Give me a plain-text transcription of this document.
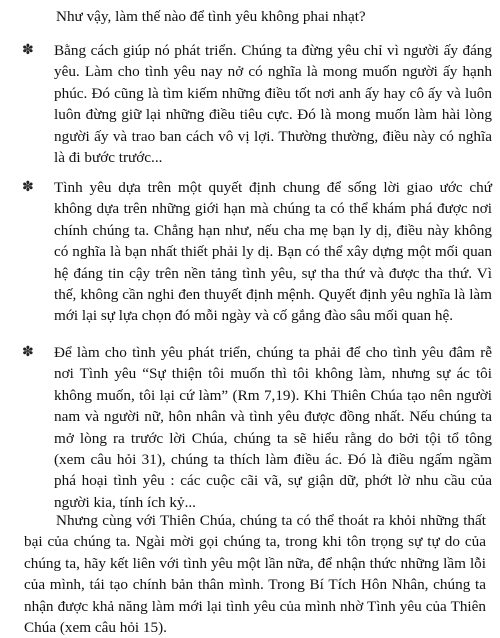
Như vậy, làm thế nào để tình yêu không phai nhạt?

✽	Bằng cách giúp nó phát triển. Chúng ta đừng yêu chỉ vì người ấy đáng yêu. Làm cho tình yêu nay nở có nghĩa là mong muốn người ấy hạnh phúc. Đó cũng là tìm kiếm những điều tốt nơi anh ấy hay cô ấy và luôn luôn đừng giữ lại những điều tiêu cực. Đó là mong muốn làm hài lòng người ấy và trao ban cách vô vị lợi. Thường thường, điều này có nghĩa là đi bước trước...

✽	Tình yêu dựa trên một quyết định chung để sống lời giao ước chứ không dựa trên những giới hạn mà chúng ta có thể khám phá được nơi chính chúng ta. Chẳng hạn như, nếu cha mẹ bạn ly dị, điều này không có nghĩa là bạn nhất thiết phải ly dị. Bạn có thể xây dựng một mối quan hệ đáng tin cậy trên nền tảng tình yêu, sự tha thứ và được tha thứ. Vì thế, không cần nghi đen thuyết định mệnh. Quyết định yêu nghĩa là làm mới lại sự lựa chọn đó mỗi ngày và cố gắng đào sâu mối quan hệ.

✽	Để làm cho tình yêu phát triển, chúng ta phải để cho tình yêu đâm rễ nơi Tình yêu “Sự thiện tôi muốn thì tôi không làm, nhưng sự ác tôi không muốn, tôi lại cứ làm” (Rm 7,19). Khi Thiên Chúa tạo nên người nam và người nữ, hôn nhân và tình yêu được đồng nhất. Nếu chúng ta mở lòng ra trước lời Chúa, chúng ta sẽ hiểu rằng do bởi tội tổ tông (xem câu hỏi 31), chúng ta thích làm điều ác. Đó là điều ngấm ngầm phá hoại tình yêu : các cuộc cãi vã, sự giận dữ, phớt lờ nhu cầu của người kia, tính ích kỷ...

Nhưng cùng với Thiên Chúa, chúng ta có thể thoát ra khỏi những thất bại của chúng ta. Ngài mời gọi chúng ta, trong khi tôn trọng sự tự do của chúng ta, hãy kết liên với tình yêu một lần nữa, để nhận thức những lầm lỗi của mình, tái tạo chính bản thân mình. Trong Bí Tích Hôn Nhân, chúng ta nhận được khả năng làm mới lại tình yêu của mình nhờ Tình yêu của Thiên Chúa (xem câu hỏi 15).
